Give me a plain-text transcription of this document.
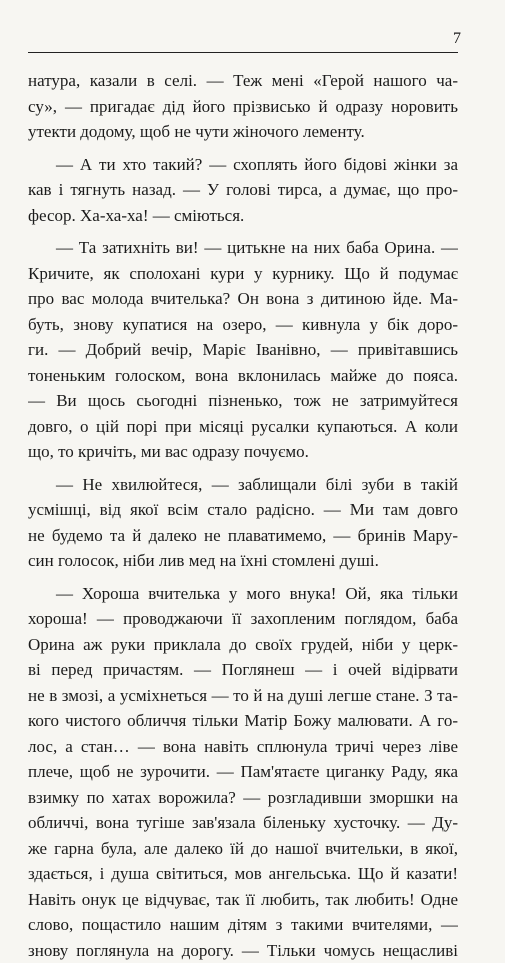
7
натура, казали в селі. — Теж мені «Герой нашого ча-
су», — пригадає дід його прізвисько й одразу норовить
утекти додому, щоб не чути жіночого лементу.
— А ти хто такий? — схоплять його бідові жінки за
кав і тягнуть назад. — У голові тирса, а думає, що про-
фесор. Ха-ха-ха! — сміються.
— Та затихніть ви! — цитькне на них баба Орина. —
Кричите, як сполохані кури у курнику. Що й подумає
про вас молода вчителька? Он вона з дитиною йде. Ма-
буть, знову купатися на озеро, — кивнула у бік доро-
ги. — Добрий вечір, Маріє Іванівно, — привітавшись
тоненьким голоском, вона вклонилась майже до пояса.
— Ви щось сьогодні пізненько, тож не затримуйтеся
довго, о цій порі при місяці русалки купаються. А коли
що, то кричіть, ми вас одразу почуємо.
— Не хвилюйтеся, — заблищали білі зуби в такій
усмішці, від якої всім стало радісно. — Ми там довго
не будемо та й далеко не плаватимемо, — бринів Мару-
син голосок, ніби лив мед на їхні стомлені душі.
— Хороша вчителька у мого внука! Ой, яка тільки
хороша! — проводжаючи її захопленим поглядом, баба
Орина аж руки приклала до своїх грудей, ніби у церк-
ві перед причастям. — Поглянеш — і очей відірвати
не в змозі, а усміхнеться — то й на душі легше стане. З та-
кого чистого обличчя тільки Матір Божу малювати. А го-
лос, а стан… — вона навіть сплюнула тричі через ліве
плече, щоб не зурочити. — Пам'ятаєте циганку Раду, яка
взимку по хатах ворожила? — розгладивши зморшки на
обличчі, вона тугіше зав'язала біленьку хусточку. — Ду-
же гарна була, але далеко їй до нашої вчительки, в якої,
здається, і душа світиться, мов ангельська. Що й казати!
Навіть онук це відчуває, так її любить, так любить! Одне
слово, пощастило нашим дітям з такими вчителями, —
знову поглянула на дорогу. — Тільки чомусь нещасливі
